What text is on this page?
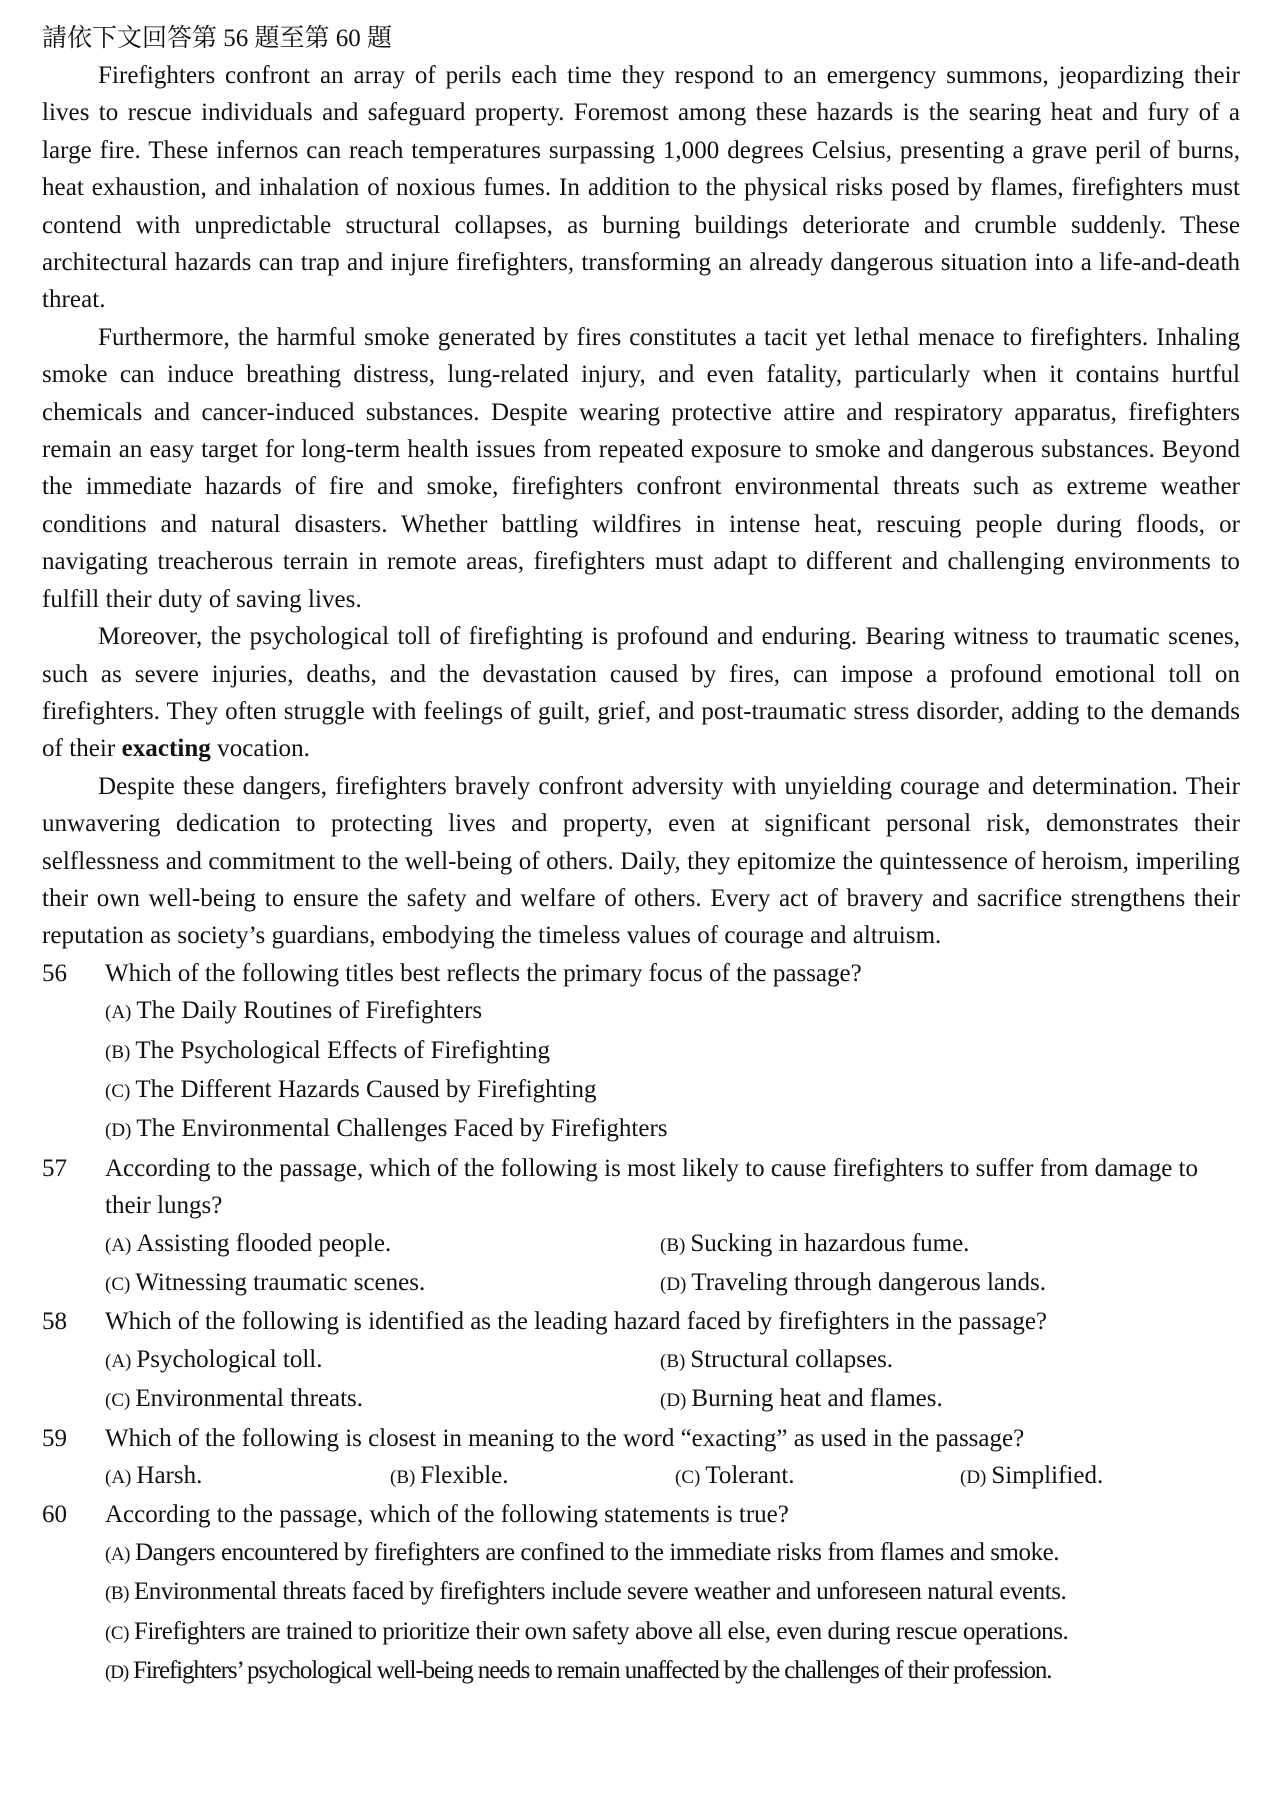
請依下文回答第 56 題至第 60 題

Firefighters confront an array of perils each time they respond to an emergency summons, jeopardizing their lives to rescue individuals and safeguard property. Foremost among these hazards is the searing heat and fury of a large fire. These infernos can reach temperatures surpassing 1,000 degrees Celsius, presenting a grave peril of burns, heat exhaustion, and inhalation of noxious fumes. In addition to the physical risks posed by flames, firefighters must contend with unpredictable structural collapses, as burning buildings deteriorate and crumble suddenly. These architectural hazards can trap and injure firefighters, transforming an already dangerous situation into a life-and-death threat.

Furthermore, the harmful smoke generated by fires constitutes a tacit yet lethal menace to firefighters. Inhaling smoke can induce breathing distress, lung-related injury, and even fatality, particularly when it contains hurtful chemicals and cancer-induced substances. Despite wearing protective attire and respiratory apparatus, firefighters remain an easy target for long-term health issues from repeated exposure to smoke and dangerous substances. Beyond the immediate hazards of fire and smoke, firefighters confront environmental threats such as extreme weather conditions and natural disasters. Whether battling wildfires in intense heat, rescuing people during floods, or navigating treacherous terrain in remote areas, firefighters must adapt to different and challenging environments to fulfill their duty of saving lives.

Moreover, the psychological toll of firefighting is profound and enduring. Bearing witness to traumatic scenes, such as severe injuries, deaths, and the devastation caused by fires, can impose a profound emotional toll on firefighters. They often struggle with feelings of guilt, grief, and post-traumatic stress disorder, adding to the demands of their exacting vocation.

Despite these dangers, firefighters bravely confront adversity with unyielding courage and determination. Their unwavering dedication to protecting lives and property, even at significant personal risk, demonstrates their selflessness and commitment to the well-being of others. Daily, they epitomize the quintessence of heroism, imperiling their own well-being to ensure the safety and welfare of others. Every act of bravery and sacrifice strengthens their reputation as society’s guardians, embodying the timeless values of courage and altruism.

56	Which of the following titles best reflects the primary focus of the passage?
(A) The Daily Routines of Firefighters
(B) The Psychological Effects of Firefighting
(C) The Different Hazards Caused by Firefighting
(D) The Environmental Challenges Faced by Firefighters
57	According to the passage, which of the following is most likely to cause firefighters to suffer from damage to their lungs?
(A) Assisting flooded people.	(B) Sucking in hazardous fume.
(C) Witnessing traumatic scenes.	(D) Traveling through dangerous lands.
58	Which of the following is identified as the leading hazard faced by firefighters in the passage?
(A) Psychological toll.	(B) Structural collapses.
(C) Environmental threats.	(D) Burning heat and flames.
59	Which of the following is closest in meaning to the word “exacting” as used in the passage?
(A) Harsh.	(B) Flexible.	(C) Tolerant.	(D) Simplified.
60	According to the passage, which of the following statements is true?
(A) Dangers encountered by firefighters are confined to the immediate risks from flames and smoke.
(B) Environmental threats faced by firefighters include severe weather and unforeseen natural events.
(C) Firefighters are trained to prioritize their own safety above all else, even during rescue operations.
(D) Firefighters’ psychological well-being needs to remain unaffected by the challenges of their profession.
